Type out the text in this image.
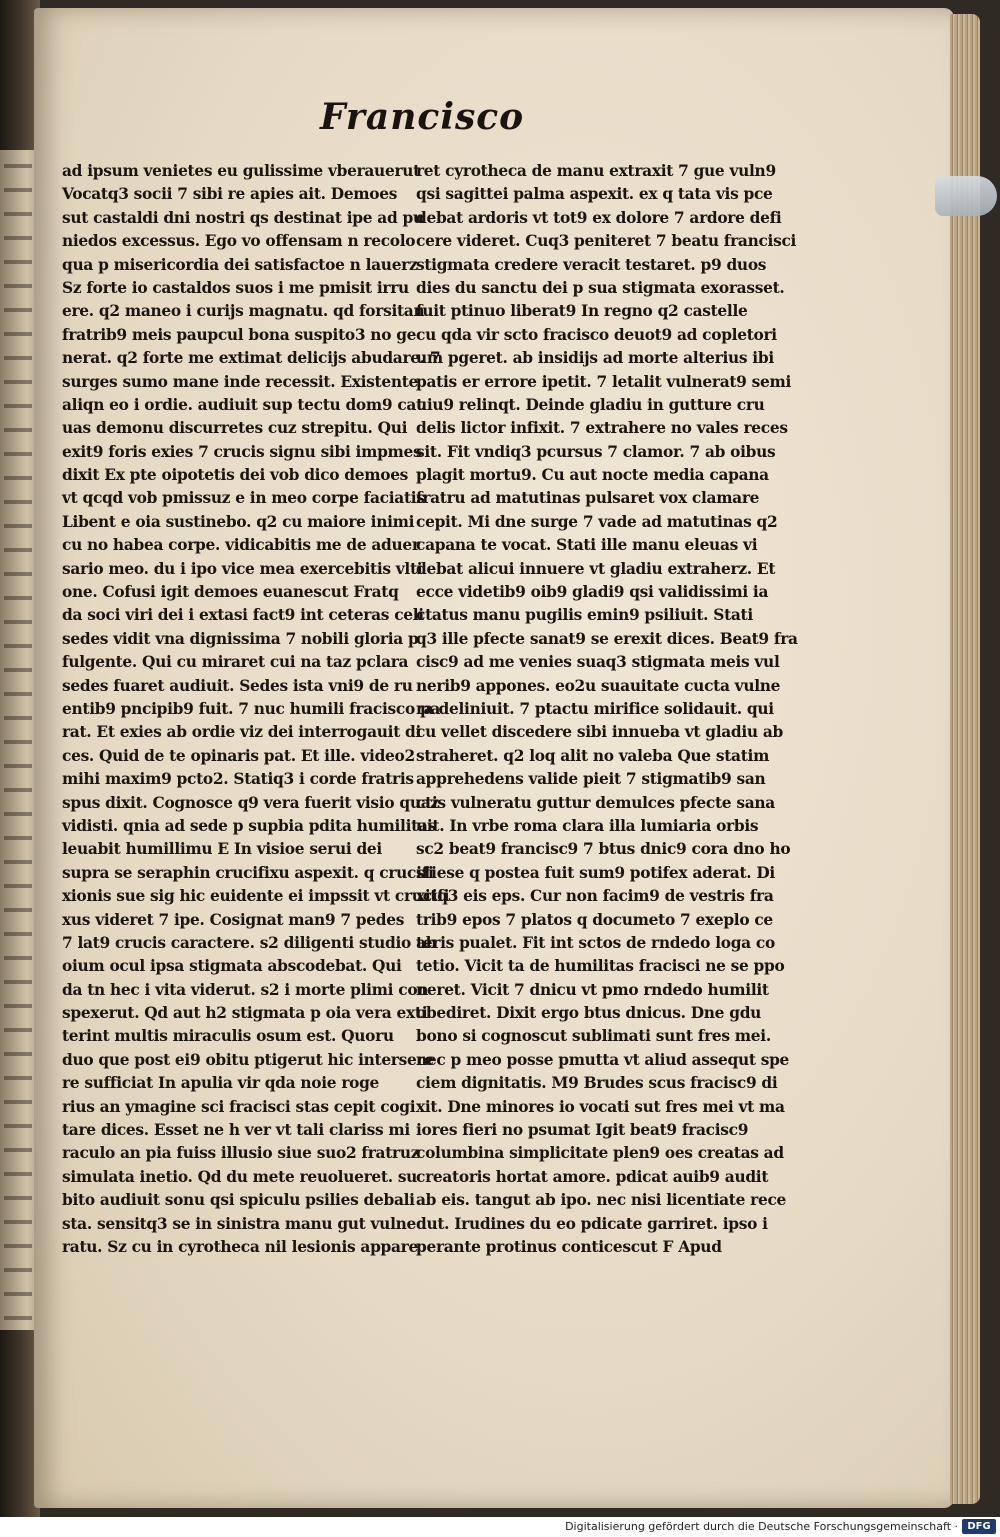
Francisco
ad ipsum venietes eu gulissime vberauerut
Vocatq3 socii 7 sibi re apies ait. Demoes
sut castaldi dni nostri qs destinat ipe ad pu
niedos excessus. Ego vo offensam n recolo
qua p misericordia dei satisfactoe n lauerz
Sz forte io castaldos suos i me pmisit irru
ere. q2 maneo i curijs magnatu. qd forsitan
fratrib9 meis paupcul bona suspito3 no ge
nerat. q2 forte me extimat delicijs abudare. 7
surges sumo mane inde recessit. Existente
aliqn eo i ordie. audiuit sup tectu dom9 cat
uas demonu discurretes cuz strepitu. Qui
exit9 foris exies 7 crucis signu sibi impmes
dixit Ex pte oipotetis dei vob dico demoes
vt qcqd vob pmissuz e in meo corpe faciatis
Libent e oia sustinebo. q2 cu maiore inimi
cu no habea corpe. vidicabitis me de aduer
sario meo. du i ipo vice mea exercebitis vlti
one. Cofusi igit demoes euanescut Fratq
da soci viri dei i extasi fact9 int ceteras celi
sedes vidit vna dignissima 7 nobili gloria p
fulgente. Qui cu miraret cui na taz pclara
sedes fuaret audiuit. Sedes ista vni9 de ru
entib9 pncipib9 fuit. 7 nuc humili fracisco pa
rat. Et exies ab ordie viz dei interrogauit di
ces. Quid de te opinaris pat. Et ille. video2
mihi maxim9 pcto2. Statiq3 i corde fratris
spus dixit. Cognosce q9 vera fuerit visio quaz
vidisti. qnia ad sede p supbia pdita humilitas
leuabit humillimu E In visioe serui dei
supra se seraphin crucifixu aspexit. q crucifi
xionis sue sig hic euidente ei impssit vt crucifi
xus videret 7 ipe. Cosignat man9 7 pedes
7 lat9 crucis caractere. s2 diligenti studio ab
oium ocul ipsa stigmata abscodebat. Qui
da tn hec i vita viderut. s2 i morte plimi con
spexerut. Qd aut h2 stigmata p oia vera exti
terint multis miraculis osum est. Quoru
duo que post ei9 obitu ptigerut hic intersere
re sufficiat In apulia vir qda noie roge
rius an ymagine sci fracisci stas cepit cogi
tare dices. Esset ne h ver vt tali clariss mi
raculo an pia fuiss illusio siue suo2 fratruz
simulata inetio. Qd du mete reuolueret. su
bito audiuit sonu qsi spiculu psilies debali
sta. sensitq3 se in sinistra manu gut vulne
ratu. Sz cu in cyrotheca nil lesionis appare
ret cyrotheca de manu extraxit 7 gue vuln9
qsi sagittei palma aspexit. ex q tata vis pce
debat ardoris vt tot9 ex dolore 7 ardore defi
cere videret. Cuq3 peniteret 7 beatu francisci
stigmata credere veracit testaret. p9 duos
dies du sanctu dei p sua stigmata exorasset.
fuit ptinuo liberat9 In regno q2 castelle
cu qda vir scto fracisco deuot9 ad copletori
um pgeret. ab insidijs ad morte alterius ibi
patis er errore ipetit. 7 letalit vulnerat9 semi
uiu9 relinqt. Deinde gladiu in gutture cru
delis lictor infixit. 7 extrahere no vales reces
sit. Fit vndiq3 pcursus 7 clamor. 7 ab oibus
plagit mortu9. Cu aut nocte media capana
fratru ad matutinas pulsaret vox clamare
cepit. Mi dne surge 7 vade ad matutinas q2
capana te vocat. Stati ille manu eleuas vi
debat alicui innuere vt gladiu extraherz. Et
ecce videtib9 oib9 gladi9 qsi validissimi ia
ctatus manu pugilis emin9 psiliuit. Stati
q3 ille pfecte sanat9 se erexit dices. Beat9 fra
cisc9 ad me venies suaq3 stigmata meis vul
nerib9 appones. eo2u suauitate cucta vulne
ra deliniuit. 7 ptactu mirifice solidauit. qui
cu vellet discedere sibi innueba vt gladiu ab
straheret. q2 loq alit no valeba Que statim
apprehedens valide pieit 7 stigmatib9 san
ctis vulneratu guttur demulces pfecte sana
uit. In vrbe roma clara illa lumiaria orbis
sc2 beat9 francisc9 7 btus dnic9 cora dno ho
stiese q postea fuit sum9 potifex aderat. Di
xitq3 eis eps. Cur non facim9 de vestris fra
trib9 epos 7 platos q documeto 7 exeplo ce
teris pualet. Fit int sctos de rndedo loga co
tetio. Vicit ta de humilitas fracisci ne se ppo
neret. Vicit 7 dnicu vt pmo rndedo humilit
obediret. Dixit ergo btus dnicus. Dne gdu
bono si cognoscut sublimati sunt fres mei.
nec p meo posse pmutta vt aliud assequt spe
ciem dignitatis. M9 Brudes scus fracisc9 di
xit. Dne minores io vocati sut fres mei vt ma
iores fieri no psumat Igit beat9 fracisc9
columbina simplicitate plen9 oes creatas ad
creatoris hortat amore. pdicat auib9 audit
ab eis. tangut ab ipo. nec nisi licentiate rece
dut. Irudines du eo pdicate garriret. ipso i
perante protinus conticescut F Apud
Digitalisierung gefördert durch die Deutsche Forschungsgemeinschaft · DFG
